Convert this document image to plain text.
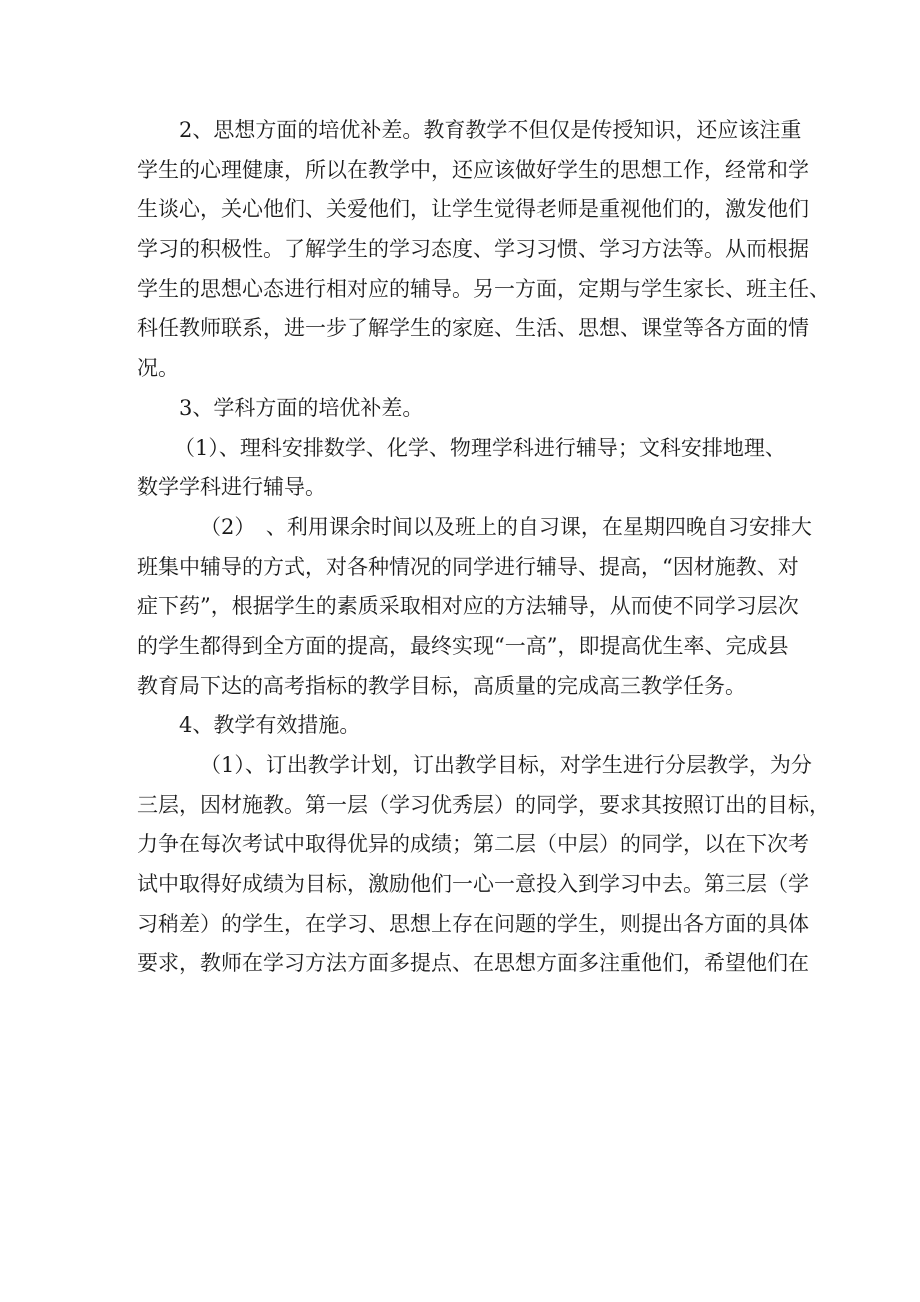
2、思想方面的培优补差。教育教学不但仅是传授知识，还应该注重
学生的心理健康，所以在教学中，还应该做好学生的思想工作，经常和学
生谈心，关心他们、关爱他们，让学生觉得老师是重视他们的，激发他们
学习的积极性。了解学生的学习态度、学习习惯、学习方法等。从而根据
学生的思想心态进行相对应的辅导。另一方面，定期与学生家长、班主任、
科任教师联系，进一步了解学生的家庭、生活、思想、课堂等各方面的情
况。

3、学科方面的培优补差。

（1）、理科安排数学、化学、物理学科进行辅导；文科安排地理、
数学学科进行辅导。

（2）　、利用课余时间以及班上的自习课，在星期四晚自习安排大
班集中辅导的方式，对各种情况的同学进行辅导、提高，“因材施教、对
症下药”，根据学生的素质采取相对应的方法辅导，从而使不同学习层次
的学生都得到全方面的提高，最终实现“一高”，即提高优生率、完成县
教育局下达的高考指标的教学目标，高质量的完成高三教学任务。

4、教学有效措施。

（1）、订出教学计划，订出教学目标，对学生进行分层教学，为分
三层，因材施教。第一层（学习优秀层）的同学，要求其按照订出的目标，
力争在每次考试中取得优异的成绩；第二层（中层）的同学，以在下次考
试中取得好成绩为目标，激励他们一心一意投入到学习中去。第三层（学
习稍差）的学生，在学习、思想上存在问题的学生，则提出各方面的具体
要求，教师在学习方法方面多提点、在思想方面多注重他们，希望他们在
